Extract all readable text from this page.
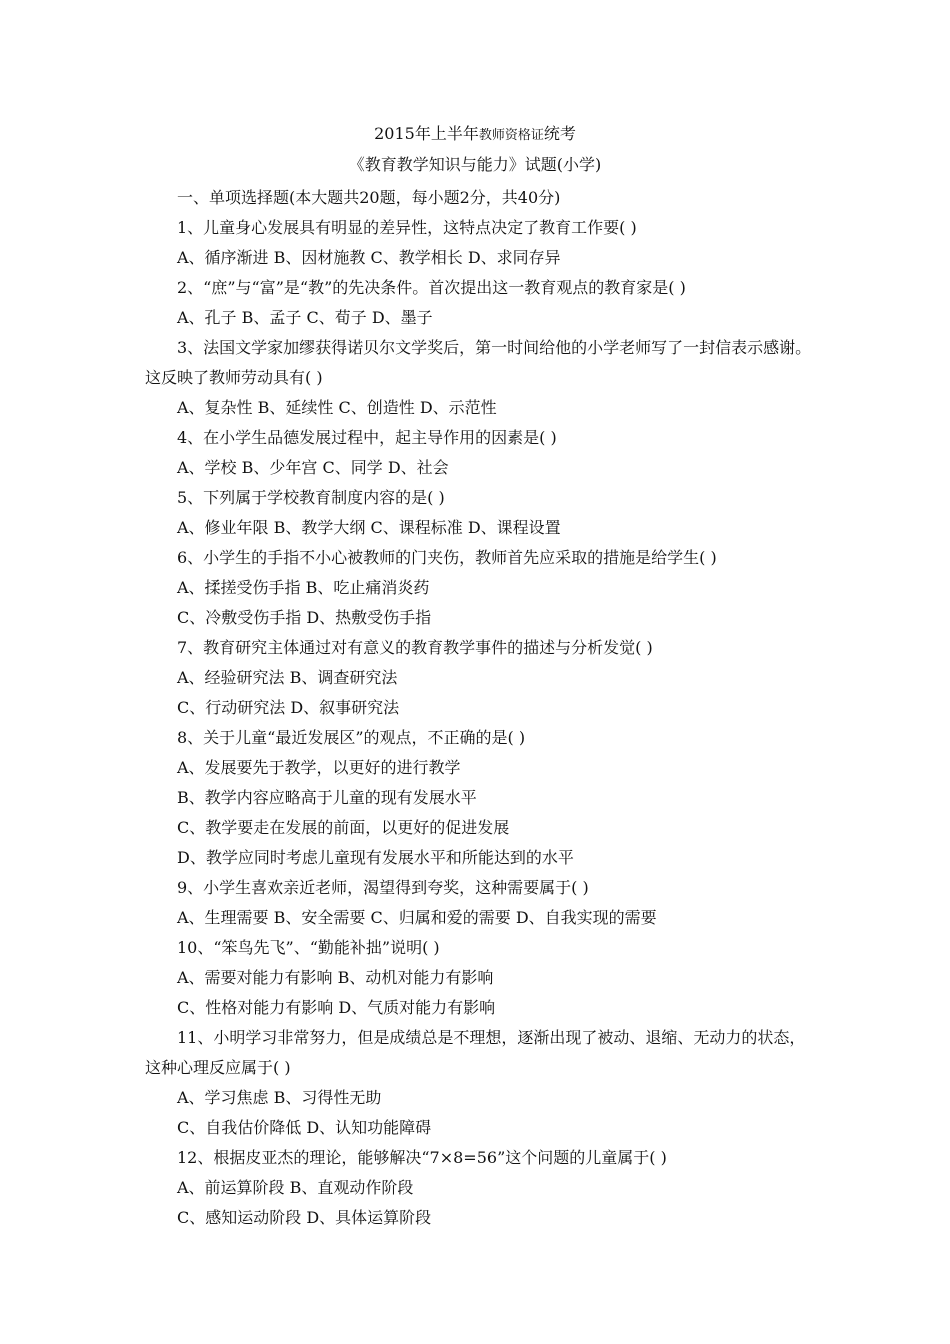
2015年上半年教师资格证统考
《教育教学知识与能力》试题(小学)

一、单项选择题(本大题共20题，每小题2分，共40分)

1、儿童身心发展具有明显的差异性，这特点决定了教育工作要( )

A、循序渐进 B、因材施教 C、教学相长 D、求同存异

2、“庶”与“富”是“教”的先决条件。首次提出这一教育观点的教育家是( )

A、孔子 B、孟子 C、荀子 D、墨子

3、法国文学家加缪获得诺贝尔文学奖后，第一时间给他的小学老师写了一封信表示感谢。这反映了教师劳动具有( )

A、复杂性 B、延续性 C、创造性 D、示范性

4、在小学生品德发展过程中，起主导作用的因素是( )

A、学校 B、少年宫 C、同学 D、社会

5、下列属于学校教育制度内容的是( )

A、修业年限 B、教学大纲 C、课程标准 D、课程设置

6、小学生的手指不小心被教师的门夹伤，教师首先应采取的措施是给学生( )

A、揉搓受伤手指 B、吃止痛消炎药

C、冷敷受伤手指 D、热敷受伤手指

7、教育研究主体通过对有意义的教育教学事件的描述与分析发觉( )

A、经验研究法 B、调查研究法

C、行动研究法 D、叙事研究法

8、关于儿童“最近发展区”的观点，不正确的是( )

A、发展要先于教学，以更好的进行教学

B、教学内容应略高于儿童的现有发展水平

C、教学要走在发展的前面，以更好的促进发展

D、教学应同时考虑儿童现有发展水平和所能达到的水平

9、小学生喜欢亲近老师，渴望得到夸奖，这种需要属于( )

A、生理需要 B、安全需要 C、归属和爱的需要 D、自我实现的需要

10、“笨鸟先飞”、“勤能补拙”说明( )

A、需要对能力有影响 B、动机对能力有影响

C、性格对能力有影响 D、气质对能力有影响

11、小明学习非常努力，但是成绩总是不理想，逐渐出现了被动、退缩、无动力的状态，这种心理反应属于( )

A、学习焦虑 B、习得性无助

C、自我估价降低 D、认知功能障碍

12、根据皮亚杰的理论，能够解决“7×8=56”这个问题的儿童属于( )

A、前运算阶段 B、直观动作阶段

C、感知运动阶段 D、具体运算阶段
